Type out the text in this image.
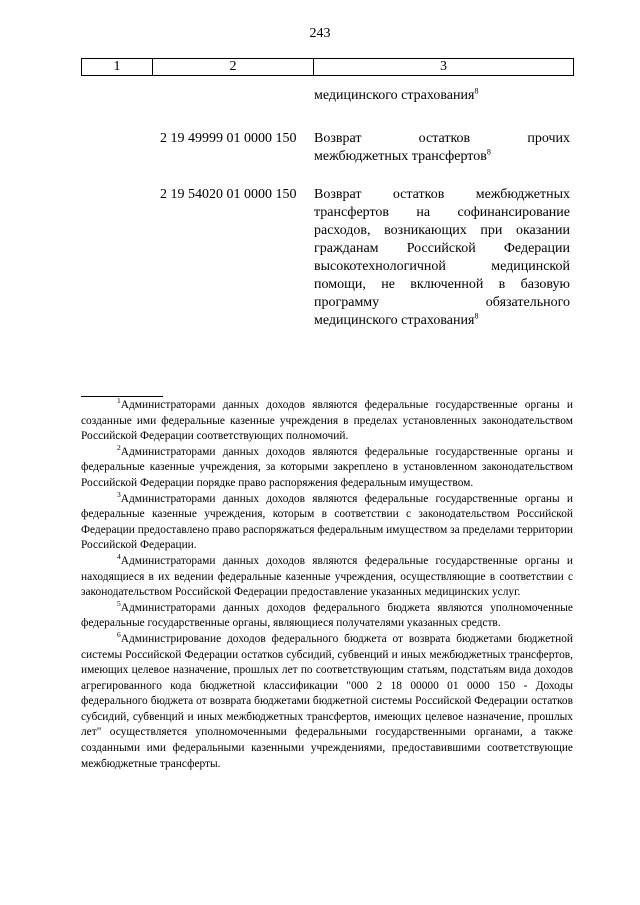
243
1	2	3
медицинского страхования$^8$
2 19 49999 01 0000 150	Возврат остатков прочих
межбюджетных трансфертов$^8$
2 19 54020 01 0000 150	Возврат остатков межбюджетных
трансфертов на софинансирование
расходов, возникающих при оказании
гражданам Российской Федерации
высокотехнологичной медицинской
помощи, не включенной в базовую
программу обязательного
медицинского страхования$^8$

$^1$Администраторами данных доходов являются федеральные государственные органы и созданные ими федеральные казенные учреждения в пределах установленных законодательством Российской Федерации соответствующих полномочий.

$^2$Администраторами данных доходов являются федеральные государственные органы и федеральные казенные учреждения, за которыми закреплено в установленном законодательством Российской Федерации порядке право распоряжения федеральным имуществом.

$^3$Администраторами данных доходов являются федеральные государственные органы и федеральные казенные учреждения, которым в соответствии с законодательством Российской Федерации предоставлено право распоряжаться федеральным имуществом за пределами территории Российской Федерации.

$^4$Администраторами данных доходов являются федеральные государственные органы и находящиеся в их ведении федеральные казенные учреждения, осуществляющие в соответствии с законодательством Российской Федерации предоставление указанных медицинских услуг.

$^5$Администраторами данных доходов федерального бюджета являются уполномоченные федеральные государственные органы, являющиеся получателями указанных средств.

$^6$Администрирование доходов федерального бюджета от возврата бюджетами бюджетной системы Российской Федерации остатков субсидий, субвенций и иных межбюджетных трансфертов, имеющих целевое назначение, прошлых лет по соответствующим статьям, подстатьям вида доходов агрегированного кода бюджетной классификации "000 2 18 00000 01 0000 150 - Доходы федерального бюджета от возврата бюджетами бюджетной системы Российской Федерации остатков субсидий, субвенций и иных межбюджетных трансфертов, имеющих целевое назначение, прошлых лет" осуществляется уполномоченными федеральными государственными органами, а также созданными ими федеральными казенными учреждениями, предоставившими соответствующие межбюджетные трансферты.
